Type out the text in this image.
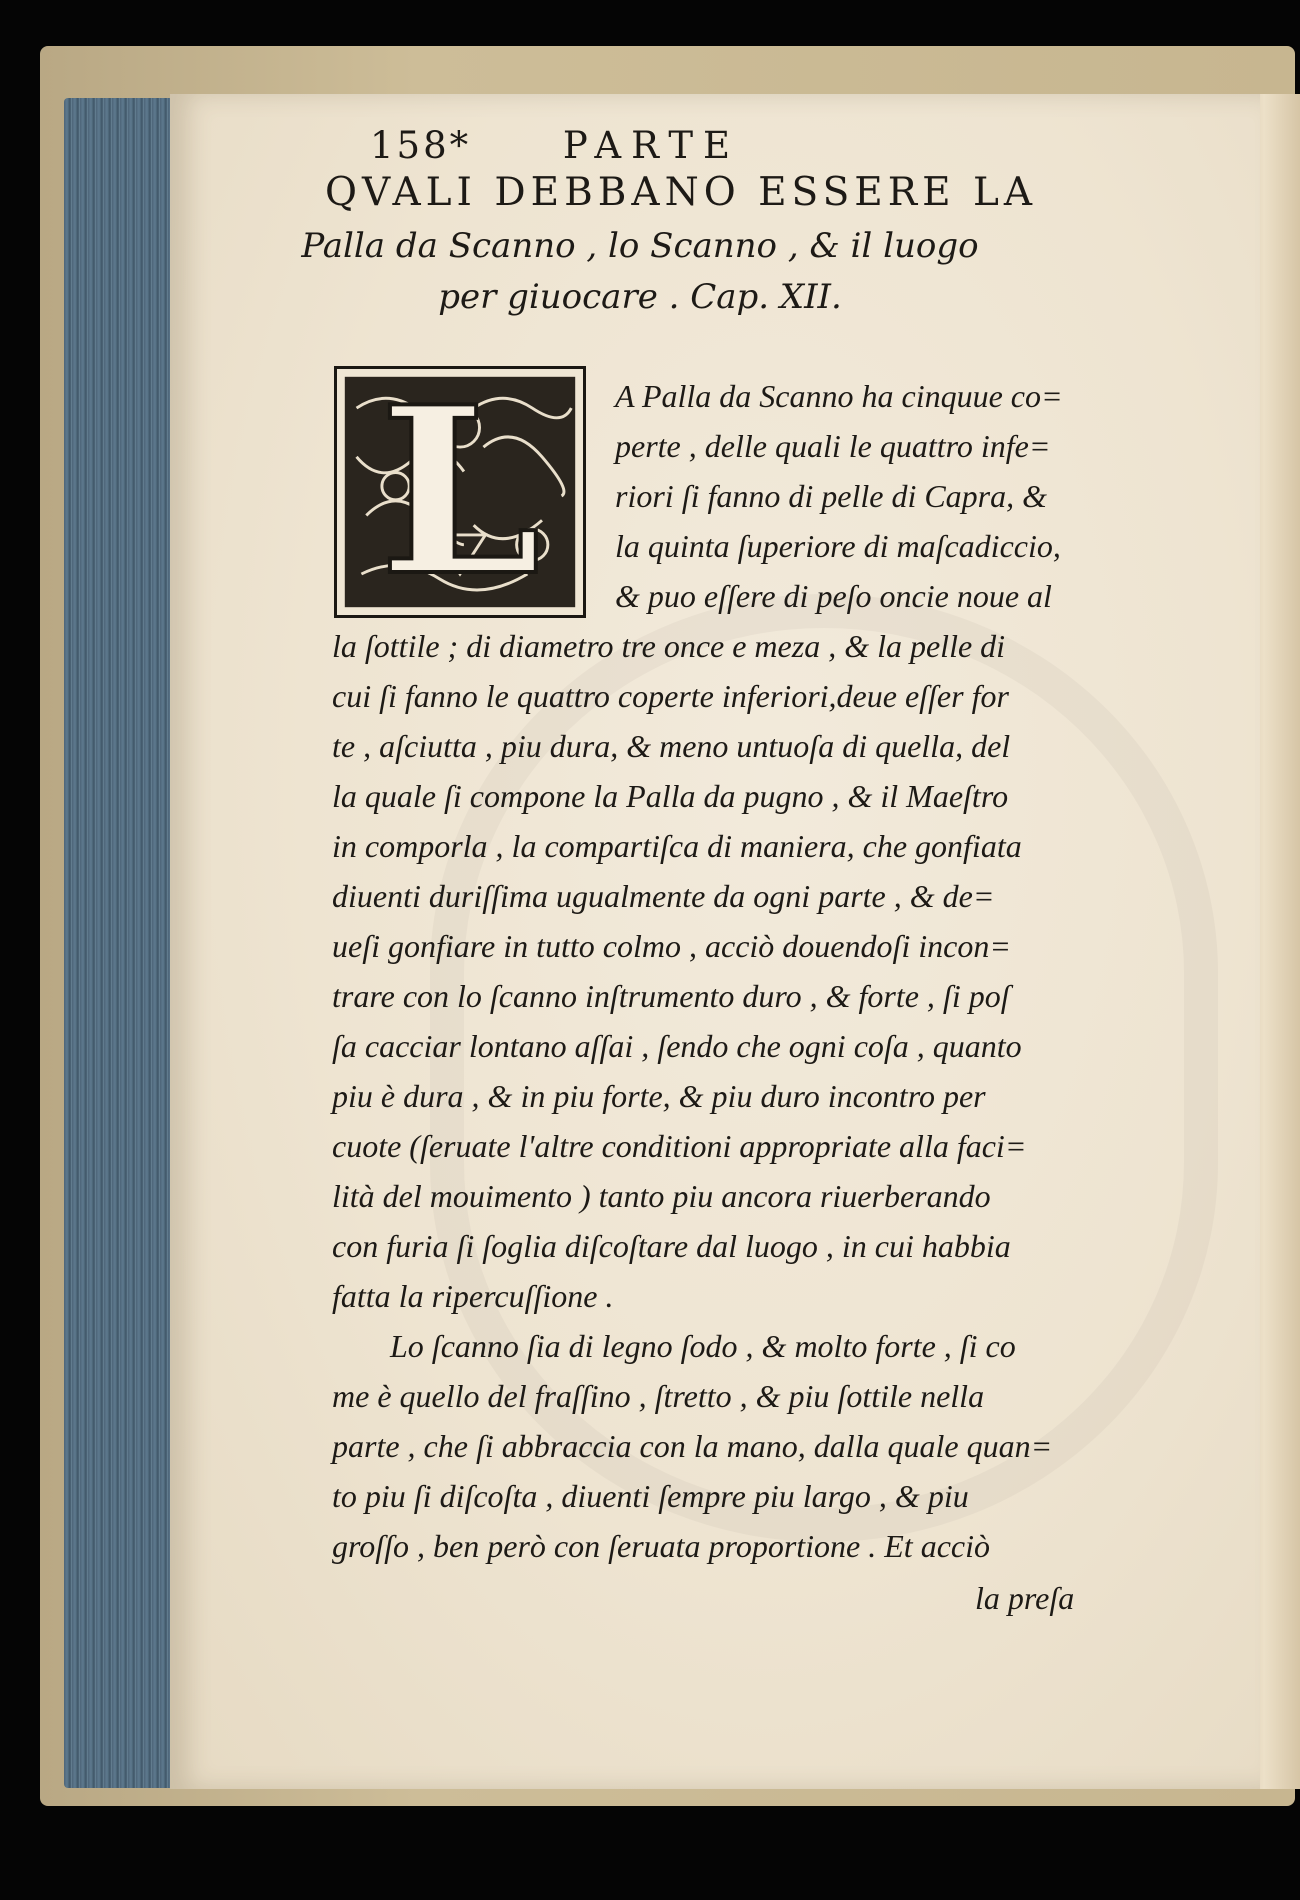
158* PARTE
QVALI DEBBANO ESSERE LA
Palla da Scanno , lo Scanno , & il luogo
per giuocare . Cap. XII.
L	A Palla da Scanno ha cinquue co=
perte , delle quali le quattro infe=
riori ſi fanno di pelle di Capra, &
la quinta ſuperiore di maſcadiccio,
& puo eſſere di peſo oncie noue al
la ſottile ; di diametro tre once e meza , & la pelle di
cui ſi fanno le quattro coperte inferiori,deue eſſer for
te , aſciutta , piu dura, & meno untuoſa di quella, del
la quale ſi compone la Palla da pugno , & il Maeſtro
in comporla , la compartiſca di maniera, che gonfiata
diuenti duriſſima ugualmente da ogni parte , & de=
ueſi gonfiare in tutto colmo , acciò douendoſi incon=
trare con lo ſcanno inſtrumento duro , & forte , ſi poſ
ſa cacciar lontano aſſai , ſendo che ogni coſa , quanto
piu è dura , & in piu forte, & piu duro incontro per
cuote (ſeruate l'altre conditioni appropriate alla faci=
lità del mouimento ) tanto piu ancora riuerberando
con furia ſi ſoglia diſcoſtare dal luogo , in cui habbia
fatta la ripercuſſione .
Lo ſcanno ſia di legno ſodo , & molto forte , ſi co
me è quello del fraſſino , ſtretto , & piu ſottile nella
parte , che ſi abbraccia con la mano, dalla quale quan=
to piu ſi diſcoſta , diuenti ſempre piu largo , & piu
groſſo , ben però con ſeruata proportione . Et acciò
la preſa
